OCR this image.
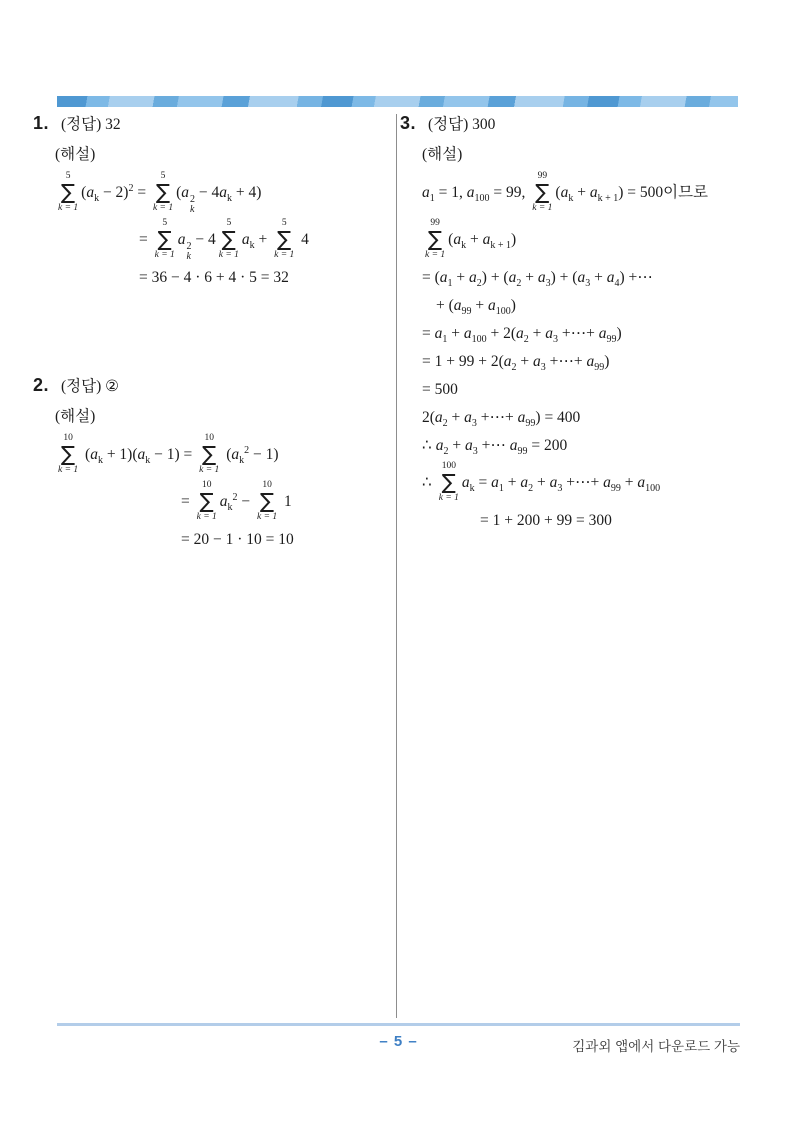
1. (정답) 32
(해설)
5
∑
k = 1
$(a_k - 2)^2$ =
5
∑
k = 1
(a 2
k
− $4a_k + 4$)
=
5
∑
k = 1
a 2
k
− 4
5
∑
k = 1
$a_k$ +
5
∑
k = 1
4
= 36 − 4 · 6 + 4 · 5 = 32
2. (정답) ②
(해설)
10
∑
k = 1
$(a_k + 1)(a_k - 1)$ =
10
∑
k = 1
$(a_k^2 - 1)$
=
10
∑
k = 1
$a_k^2$ −
10
∑
k = 1
1
= 20 − 1 · 10 = 10
3. (정답) 300
(해설)
$a_1 = 1$, $a_{100} = 99$,
99
∑
k = 1
$(a_k + a_{k + 1}) = 500$이므로
99
∑
k = 1
$(a_k + a_{k + 1})$
= $(a_1 + a_2) + (a_2 + a_3) + (a_3 + a_4)$ +⋯
+ $(a_{99} + a_{100})$
= $a_1 + a_{100} + 2(a_2 + a_3$ +⋯+ $a_{99}$)
= $1 + 99 + 2(a_2 + a_3$ +⋯+ $a_{99}$)
= 500
$2(a_2 + a_3$ +⋯+ $a_{99}) = 400$
∴ $a_2 + a_3$ +⋯ $a_{99} = 200$
∴
100
∑
k = 1
$a_k = a_1 + a_2 + a_3$ +⋯+ $a_{99} + a_{100}$
= 1 + 200 + 99 = 300
– 5 –	김과외 앱에서 다운로드 가능
